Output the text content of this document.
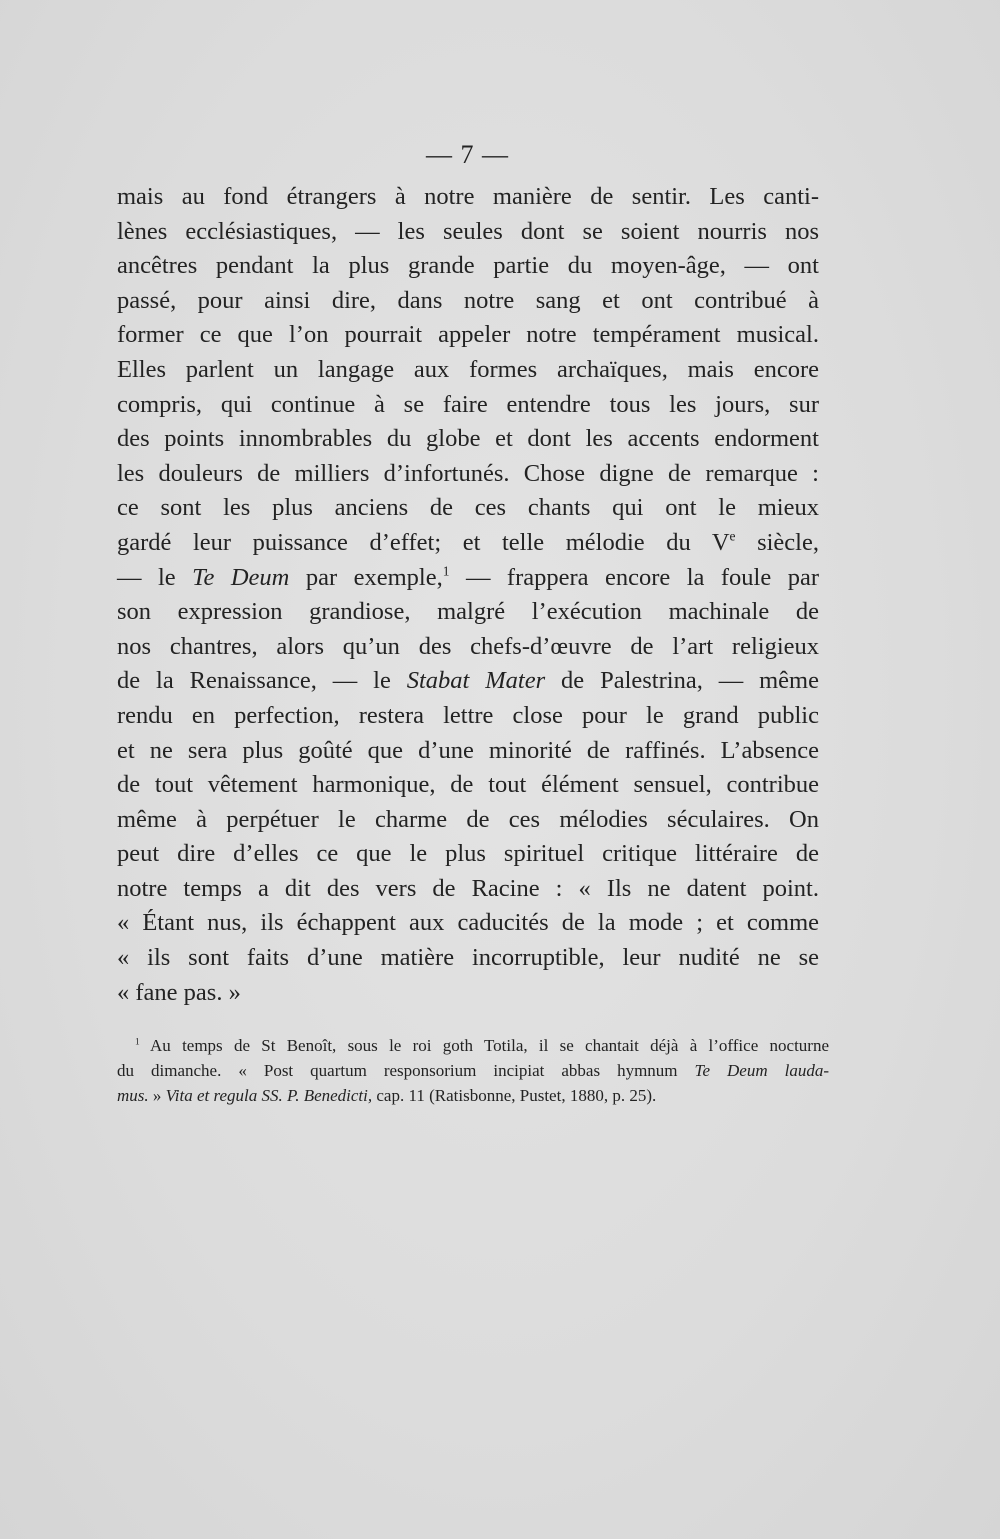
— 7 —
mais au fond étrangers à notre manière de sentir. Les canti-
lènes ecclésiastiques, — les seules dont se soient nourris nos
ancêtres pendant la plus grande partie du moyen-âge, — ont
passé, pour ainsi dire, dans notre sang et ont contribué à
former ce que l’on pourrait appeler notre tempérament musical.
Elles parlent un langage aux formes archaïques, mais encore
compris, qui continue à se faire entendre tous les jours, sur
des points innombrables du globe et dont les accents endorment
les douleurs de milliers d’infortunés. Chose digne de remarque :
ce sont les plus anciens de ces chants qui ont le mieux
gardé leur puissance d’effet; et telle mélodie du Ve siècle,
— le Te Deum par exemple,$^1$ — frappera encore la foule par
son expression grandiose, malgré l’exécution machinale de
nos chantres, alors qu’un des chefs-d’œuvre de l’art religieux
de la Renaissance, — le Stabat Mater de Palestrina, — même
rendu en perfection, restera lettre close pour le grand public
et ne sera plus goûté que d’une minorité de raffinés. L’absence
de tout vêtement harmonique, de tout élément sensuel, contribue
même à perpétuer le charme de ces mélodies séculaires. On
peut dire d’elles ce que le plus spirituel critique littéraire de
notre temps a dit des vers de Racine : « Ils ne datent point.
« Étant nus, ils échappent aux caducités de la mode ; et comme
« ils sont faits d’une matière incorruptible, leur nudité ne se
« fane pas. »
$^1$ Au temps de St Benoît, sous le roi goth Totila, il se chantait déjà à l’office nocturne
du dimanche. « Post quartum responsorium incipiat abbas hymnum Te Deum lauda-
mus. » Vita et regula SS. P. Benedicti, cap. 11 (Ratisbonne, Pustet, 1880, p. 25).
